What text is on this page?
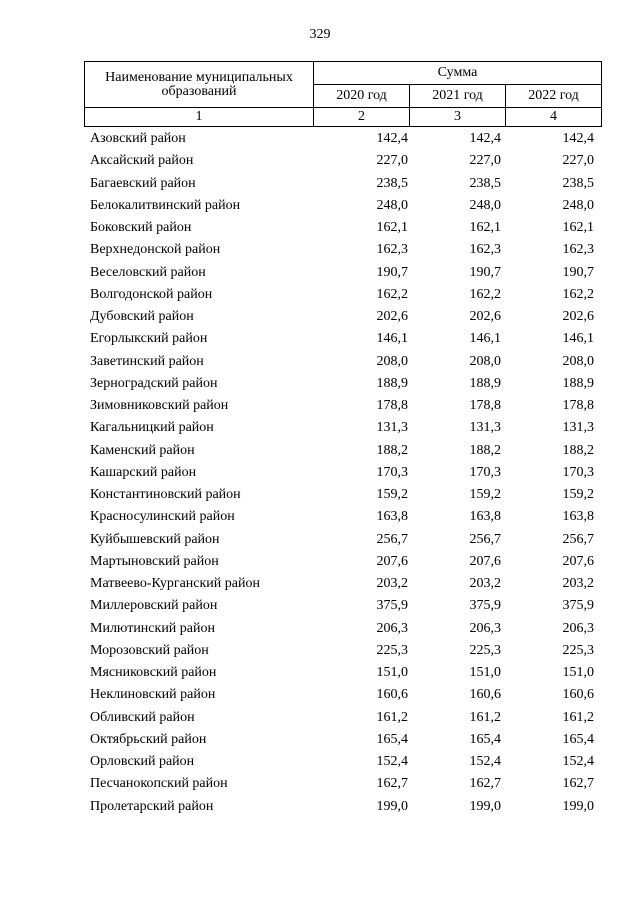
329
Наименование муниципальных образований	Сумма		
	2020 год	2021 год	2022 год
1	2	3	4
Азовский район	142,4	142,4	142,4
Аксайский район	227,0	227,0	227,0
Багаевский район	238,5	238,5	238,5
Белокалитвинский район	248,0	248,0	248,0
Боковский район	162,1	162,1	162,1
Верхнедонской район	162,3	162,3	162,3
Веселовский район	190,7	190,7	190,7
Волгодонской район	162,2	162,2	162,2
Дубовский район	202,6	202,6	202,6
Егорлыкский район	146,1	146,1	146,1
Заветинский район	208,0	208,0	208,0
Зерноградский район	188,9	188,9	188,9
Зимовниковский район	178,8	178,8	178,8
Кагальницкий район	131,3	131,3	131,3
Каменский район	188,2	188,2	188,2
Кашарский район	170,3	170,3	170,3
Константиновский район	159,2	159,2	159,2
Красносулинский район	163,8	163,8	163,8
Куйбышевский район	256,7	256,7	256,7
Мартыновский район	207,6	207,6	207,6
Матвеево-Курганский район	203,2	203,2	203,2
Миллеровский район	375,9	375,9	375,9
Милютинский район	206,3	206,3	206,3
Морозовский район	225,3	225,3	225,3
Мясниковский район	151,0	151,0	151,0
Неклиновский район	160,6	160,6	160,6
Обливский район	161,2	161,2	161,2
Октябрьский район	165,4	165,4	165,4
Орловский район	152,4	152,4	152,4
Песчанокопский район	162,7	162,7	162,7
Пролетарский район	199,0	199,0	199,0
